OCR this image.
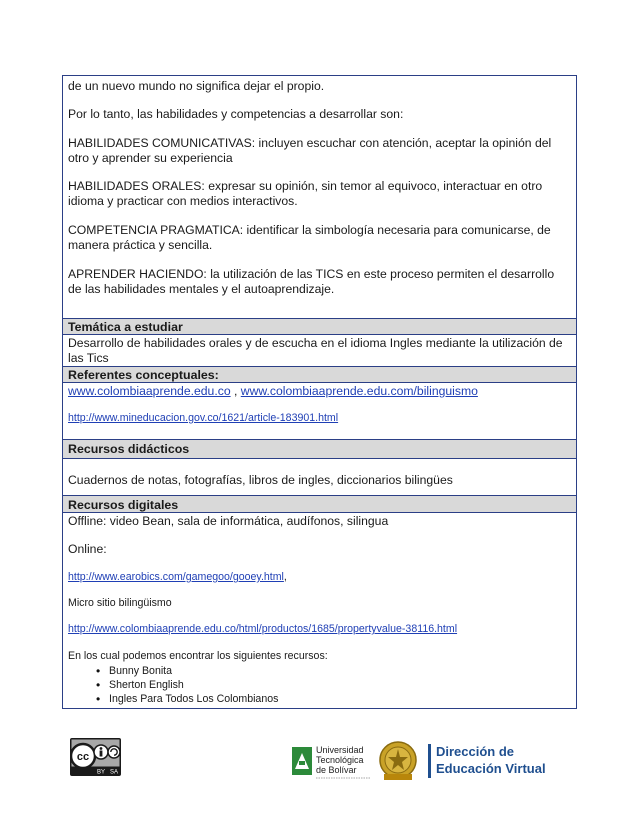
de un nuevo mundo no significa dejar el propio.

Por lo tanto, las habilidades y competencias a desarrollar son:

HABILIDADES COMUNICATIVAS: incluyen escuchar con atención, aceptar la opinión del otro y aprender su experiencia

HABILIDADES ORALES: expresar su opinión, sin temor al equivoco, interactuar en otro idioma y practicar con medios interactivos.

COMPETENCIA PRAGMATICA: identificar la simbología necesaria para comunicarse, de manera práctica y sencilla.

APRENDER HACIENDO: la utilización de las TICS en este proceso permiten el desarrollo de las habilidades mentales y el autoaprendizaje.

Temática a estudiar

Desarrollo de habilidades orales y de escucha en el idioma Ingles mediante la utilización de las Tics

Referentes conceptuales:

www.colombiaaprende.edu.co , www.colombiaaprende.edu.com/bilinguismo

http://www.mineducacion.gov.co/1621/article-183901.html

Recursos didácticos

Cuadernos de notas, fotografías, libros de ingles, diccionarios bilingües

Recursos digitales

Offline: video Bean, sala de informática, audífonos, silingua

Online:

http://www.earobics.com/gamegoo/gooey.html,

Micro sitio bilingüismo

http://www.colombiaaprende.edu.co/html/productos/1685/propertyvalue-38116.html

En los cual podemos encontrar los siguientes recursos:

• Bunny Bonita
• Sherton English
• Ingles Para Todos Los Colombianos
cc
BY SA
Universidad
Tecnológica
de Bolívar
Dirección de
Educación Virtual
